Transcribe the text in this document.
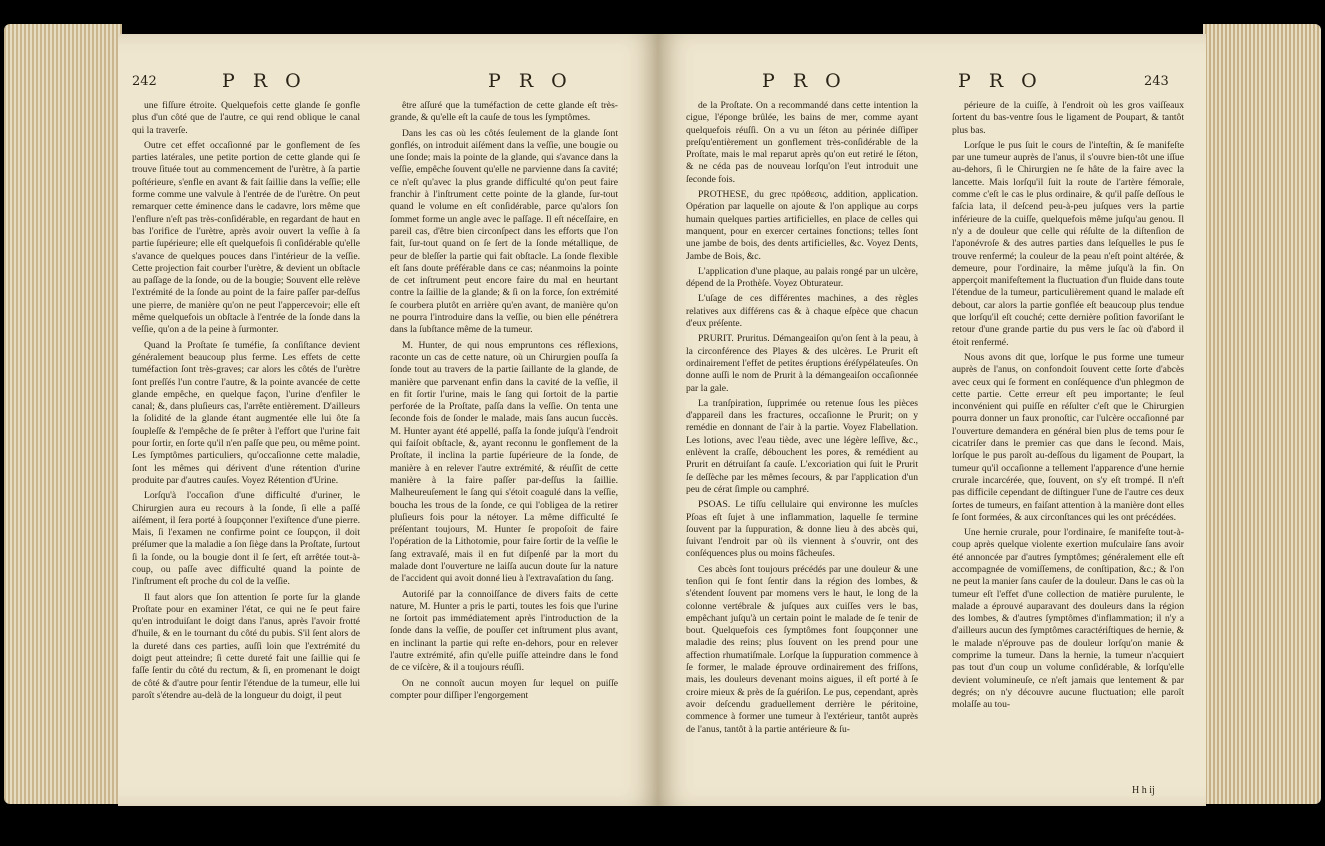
242	P R O	P R O

une fiſſure étroite. Quelquefois cette glande ſe gonfle plus d'un côté que de l'autre, ce qui rend oblique le canal qui la traverſe.

Outre cet effet occaſionné par le gonflement de ſes parties latérales, une petite portion de cette glande qui ſe trouve ſituée tout au commencement de l'urètre, à ſa partie poſtérieure, s'enfle en avant & fait ſaillie dans la veſſie; elle forme comme une valvule à l'entrée de de l'urètre. On peut remarquer cette éminence dans le cadavre, lors même que l'enflure n'eſt pas très-conſidérable, en regardant de haut en bas l'orifice de l'urètre, après avoir ouvert la veſſie à ſa partie ſupérieure; elle eſt quelquefois ſi conſidérable qu'elle s'avance de quelques pouces dans l'intérieur de la veſſie. Cette projection fait courber l'urètre, & devient un obſtacle au paſſage de la ſonde, ou de la bougie; Souvent elle relève l'extrémité de la ſonde au point de la faire paſſer par-deſſus une pierre, de manière qu'on ne peut l'appercevoir; elle eſt même quelquefois un obſtacle à l'entrée de la ſonde dans la veſſie, qu'on a de la peine à ſurmonter.

Quand la Proſtate ſe tuméfie, ſa conſiſtance devient généralement beaucoup plus ferme. Les effets de cette tuméfaction ſont très-graves; car alors les côtés de l'urètre ſont preſſés l'un contre l'autre, & la pointe avancée de cette glande empêche, en quelque façon, l'urine d'enfiler le canal; &, dans pluſieurs cas, l'arrête entièrement. D'ailleurs la ſolidité de la glande étant augmentée elle lui ôte ſa ſoupleſſe & l'empêche de ſe prêter à l'effort que l'urine fait pour ſortir, en ſorte qu'il n'en paſſe que peu, ou même point. Les ſymptômes particuliers, qu'occaſionne cette maladie, ſont les mêmes qui dérivent d'une rétention d'urine produite par d'autres cauſes. Voyez Rétention d'Urine.

Lorſqu'à l'occaſion d'une difficulté d'uriner, le Chirurgien aura eu recours à la ſonde, ſi elle a paſſé aiſément, il ſera porté à ſoupçonner l'exiſtence d'une pierre. Mais, ſi l'examen ne confirme point ce ſoupçon, il doit préſumer que la maladie a ſon ſiège dans la Proſtate, ſurtout ſi la ſonde, ou la bougie dont il ſe ſert, eſt arrêtée tout-à-coup, ou paſſe avec difficulté quand la pointe de l'inſtrument eſt proche du col de la veſſie.

Il faut alors que ſon attention ſe porte ſur la glande Proſtate pour en examiner l'état, ce qui ne ſe peut faire qu'en introduiſant le doigt dans l'anus, après l'avoir frotté d'huile, & en le tournant du côté du pubis. S'il ſent alors de la dureté dans ces parties, auſſi loin que l'extrémité du doigt peut atteindre; ſi cette dureté fait une ſaillie qui ſe faſſe ſentir du côté du rectum, & ſi, en promenant le doigt de côté & d'autre pour ſentir l'étendue de la tumeur, elle lui paroît s'étendre au-delà de la longueur du doigt, il peut

être aſſuré que la tuméfaction de cette glande eſt très-grande, & qu'elle eſt la cauſe de tous les ſymptômes.

Dans les cas où les côtés ſeulement de la glande ſont gonflés, on introduit aiſément dans la veſſie, une bougie ou une ſonde; mais la pointe de la glande, qui s'avance dans la veſſie, empêche ſouvent qu'elle ne parvienne dans ſa cavité; ce n'eſt qu'avec la plus grande difficulté qu'on peut faire franchir à l'inſtrument cette pointe de la glande, ſur-tout quand le volume en eſt conſidérable, parce qu'alors ſon ſommet forme un angle avec le paſſage. Il eſt néceſſaire, en pareil cas, d'être bien circonſpect dans les efforts que l'on fait, ſur-tout quand on ſe ſert de la ſonde métallique, de peur de bleſſer la partie qui fait obſtacle. La ſonde flexible eſt ſans doute préférable dans ce cas; néanmoins la pointe de cet inſtrument peut encore faire du mal en heurtant contre la ſaillie de la glande; & ſi on la force, ſon extrémité ſe courbera plutôt en arrière qu'en avant, de manière qu'on ne pourra l'introduire dans la veſſie, ou bien elle pénétrera dans la ſubſtance même de la tumeur.

M. Hunter, de qui nous empruntons ces réflexions, raconte un cas de cette nature, où un Chirurgien pouſſa ſa ſonde tout au travers de la partie ſaillante de la glande, de manière que parvenant enfin dans la cavité de la veſſie, il en fit ſortir l'urine, mais le ſang qui ſortoit de la partie perforée de la Proſtate, paſſa dans la veſſie. On tenta une ſeconde fois de ſonder le malade, mais ſans aucun ſuccès. M. Hunter ayant été appellé, paſſa la ſonde juſqu'à l'endroit qui faiſoit obſtacle, &, ayant reconnu le gonflement de la Proſtate, il inclina la partie ſupérieure de la ſonde, de manière à en relever l'autre extrémité, & réuſſit de cette manière à la faire paſſer par-deſſus la ſaillie. Malheureuſement le ſang qui s'étoit coagulé dans la veſſie, boucha les trous de la ſonde, ce qui l'obligea de la retirer pluſieurs fois pour la nétoyer. La même difficulté ſe préſentant toujours, M. Hunter ſe propoſoit de faire l'opération de la Lithotomie, pour faire ſortir de la veſſie le ſang extravaſé, mais il en fut diſpenſé par la mort du malade dont l'ouverture ne laiſſa aucun doute ſur la nature de l'accident qui avoit donné lieu à l'extravaſation du ſang.

Autoriſé par la connoiſſance de divers faits de cette nature, M. Hunter a pris le parti, toutes les fois que l'urine ne ſortoit pas immédiatement après l'introduction de la ſonde dans la veſſie, de pouſſer cet inſtrument plus avant, en inclinant la partie qui reſte en-dehors, pour en relever l'autre extrémité, afin qu'elle puiſſe atteindre dans le fond de ce viſcère, & il a toujours réuſſi.

On ne connoît aucun moyen ſur lequel on puiſſe compter pour diſſiper l'engorgement

P R O	P R O	243

de la Proſtate. On a recommandé dans cette intention la cigue, l'éponge brûlée, les bains de mer, comme ayant quelquefois réuſſi. On a vu un ſéton au périnée diſſiper preſqu'entièrement un gonflement très-conſidérable de la Proſtate, mais le mal reparut après qu'on eut retiré le ſéton, & ne céda pas de nouveau lorſqu'on l'eut introduit une ſeconde fois.

PROTHESE, du grec πρόθεσις, addition, application. Opération par laquelle on ajoute & l'on applique au corps humain quelques parties artificielles, en place de celles qui manquent, pour en exercer certaines fonctions; telles ſont une jambe de bois, des dents artificielles, &c. Voyez Dents, Jambe de Bois, &c.

L'application d'une plaque, au palais rongé par un ulcère, dépend de la Prothèſe. Voyez Obturateur.

L'uſage de ces différentes machines, a des règles relatives aux différens cas & à chaque eſpèce que chacun d'eux préſente.

PRURIT. Pruritus. Démangeaiſon qu'on ſent à la peau, à la circonférence des Playes & des ulcères. Le Prurit eſt ordinairement l'effet de petites éruptions éréſypélateuſes. On donne auſſi le nom de Prurit à la démangeaiſon occaſionnée par la gale.

La tranſpiration, ſupprimée ou retenue ſous les pièces d'appareil dans les fractures, occaſionne le Prurit; on y remédie en donnant de l'air à la partie. Voyez Flabellation. Les lotions, avec l'eau tiède, avec une légère leſſive, &c., enlèvent la craſſe, débouchent les pores, & remédient au Prurit en détruiſant ſa cauſe. L'excoriation qui ſuit le Prurit ſe deſſèche par les mêmes ſecours, & par l'application d'un peu de cérat ſimple ou camphré.

PSOAS. Le tiſſu cellulaire qui environne les muſcles Pſoas eſt ſujet à une inflammation, laquelle ſe termine ſouvent par la ſuppuration, & donne lieu à des abcès qui, ſuivant l'endroit par où ils viennent à s'ouvrir, ont des conſéquences plus ou moins fâcheuſes.

Ces abcès ſont toujours précédés par une douleur & une tenſion qui ſe font ſentir dans la région des lombes, & s'étendent ſouvent par momens vers le haut, le long de la colonne vertébrale & juſques aux cuiſſes vers le bas, empêchant juſqu'à un certain point le malade de ſe tenir de bout. Quelquefois ces ſymptômes font ſoupçonner une maladie des reins; plus ſouvent on les prend pour une affection rhumatiſmale. Lorſque la ſuppuration commence à ſe former, le malade éprouve ordinairement des friſſons, mais, les douleurs devenant moins aigues, il eſt porté à ſe croire mieux & près de ſa guériſon. Le pus, cependant, après avoir deſcendu graduellement derrière le péritoine, commence à former une tumeur à l'extérieur, tantôt auprès de l'anus, tantôt à la partie antérieure & ſu-

périeure de la cuiſſe, à l'endroit où les gros vaiſſeaux ſortent du bas-ventre ſous le ligament de Poupart, & tantôt plus bas.

Lorſque le pus ſuit le cours de l'inteſtin, & ſe manifeſte par une tumeur auprès de l'anus, il s'ouvre bien-tôt une iſſue au-dehors, ſi le Chirurgien ne ſe hâte de la faire avec la lancette. Mais lorſqu'il ſuit la route de l'artère fémorale, comme c'eſt le cas le plus ordinaire, & qu'il paſſe deſſous le faſcia lata, il deſcend peu-à-peu juſques vers la partie inférieure de la cuiſſe, quelquefois même juſqu'au genou. Il n'y a de douleur que celle qui réſulte de la diſtenſion de l'aponévroſe & des autres parties dans leſquelles le pus ſe trouve renfermé; la couleur de la peau n'eſt point altérée, & demeure, pour l'ordinaire, la même juſqu'à la fin. On apperçoit manifeſtement la fluctuation d'un fluide dans toute l'étendue de la tumeur, particulièrement quand le malade eſt debout, car alors la partie gonflée eſt beaucoup plus tendue que lorſqu'il eſt couché; cette dernière poſition favoriſant le retour d'une grande partie du pus vers le ſac où d'abord il étoit renfermé.

Nous avons dit que, lorſque le pus forme une tumeur auprès de l'anus, on confondoit ſouvent cette ſorte d'abcès avec ceux qui ſe forment en conſéquence d'un phlegmon de cette partie. Cette erreur eſt peu importante; le ſeul inconvénient qui puiſſe en réſulter c'eſt que le Chirurgien pourra donner un faux pronoſtic, car l'ulcère occaſionné par l'ouverture demandera en général bien plus de tems pour ſe cicatriſer dans le premier cas que dans le ſecond. Mais, lorſque le pus paroît au-deſſous du ligament de Poupart, la tumeur qu'il occaſionne a tellement l'apparence d'une hernie crurale incarcérée, que, ſouvent, on s'y eſt trompé. Il n'eſt pas difficile cependant de diſtinguer l'une de l'autre ces deux ſortes de tumeurs, en faiſant attention à la manière dont elles ſe ſont formées, & aux circonſtances qui les ont précédées.

Une hernie crurale, pour l'ordinaire, ſe manifeſte tout-à-coup après quelque violente exertion muſculaire ſans avoir été annoncée par d'autres ſymptômes; généralement elle eſt accompagnée de vomiſſemens, de conſtipation, &c.; & l'on ne peut la manier ſans cauſer de la douleur. Dans le cas où la tumeur eſt l'effet d'une collection de matière purulente, le malade a éprouvé auparavant des douleurs dans la région des lombes, & d'autres ſymptômes d'inflammation; il n'y a d'ailleurs aucun des ſymptômes caractériſtiques de hernie, & le malade n'éprouve pas de douleur lorſqu'on manie & comprime la tumeur. Dans la hernie, la tumeur n'acquiert pas tout d'un coup un volume conſidérable, & lorſqu'elle devient volumineuſe, ce n'eſt jamais que lentement & par degrés; on n'y découvre aucune fluctuation; elle paroît molaſſe au tou-

H h ij
